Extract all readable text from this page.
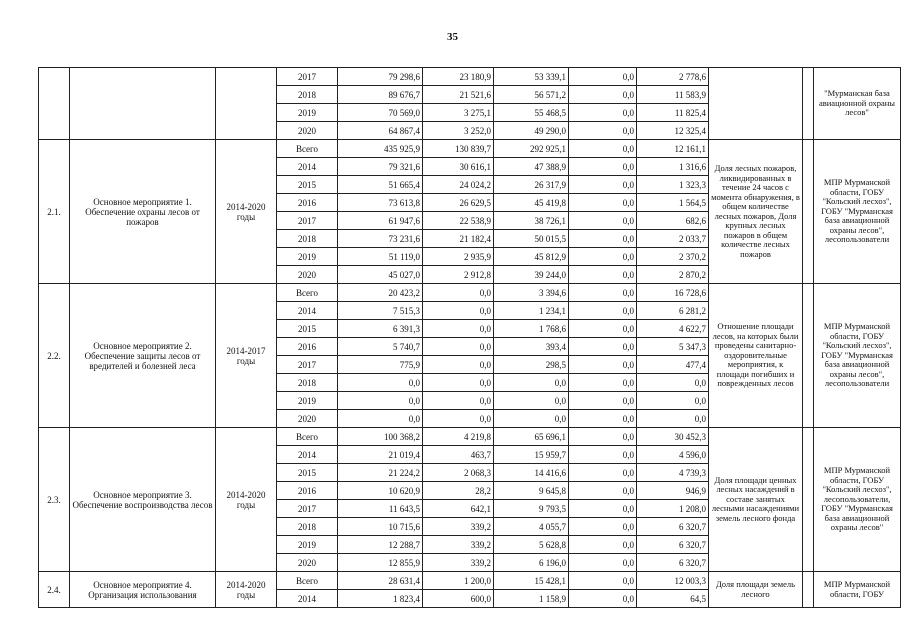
35
			2017	79 298,6	23 180,9	53 339,1	0,0	2 778,6			"Мурманская база авиационной охраны лесов"
			2018	89 676,7	21 521,6	56 571,2	0,0	11 583,9			
			2019	70 569,0	3 275,1	55 468,5	0,0	11 825,4			
			2020	64 867,4	3 252,0	49 290,0	0,0	12 325,4			
2.1.	Основное мероприятие 1. Обеспечение охраны лесов от пожаров	2014-2020 годы	Всего	435 925,9	130 839,7	292 925,1	0,0	12 161,1	Доля лесных пожаров, ликвидированных в течение 24 часов с момента обнаружения, в общем количестве лесных пожаров, Доля крупных лесных пожаров в общем количестве лесных пожаров		МПР Мурманской области, ГОБУ "Кольский лесхоз", ГОБУ "Мурманская база авиационной охраны лесов", лесопользователи
			2014	79 321,6	30 616,1	47 388,9	0,0	1 316,6			
			2015	51 665,4	24 024,2	26 317,9	0,0	1 323,3			
			2016	73 613,8	26 629,5	45 419,8	0,0	1 564,5			
			2017	61 947,6	22 538,9	38 726,1	0,0	682,6			
			2018	73 231,6	21 182,4	50 015,5	0,0	2 033,7			
			2019	51 119,0	2 935,9	45 812,9	0,0	2 370,2			
			2020	45 027,0	2 912,8	39 244,0	0,0	2 870,2			
2.2.	Основное мероприятие 2. Обеспечение защиты лесов от вредителей и болезней леса	2014-2017 годы	Всего	20 423,2	0,0	3 394,6	0,0	16 728,6	Отношение площади лесов, на которых были проведены санитарно-оздоровительные мероприятия, к площади погибших и поврежденных лесов		МПР Мурманской области, ГОБУ "Кольский лесхоз", ГОБУ "Мурманская база авиационной охраны лесов", лесопользователи
			2014	7 515,3	0,0	1 234,1	0,0	6 281,2			
			2015	6 391,3	0,0	1 768,6	0,0	4 622,7			
			2016	5 740,7	0,0	393,4	0,0	5 347,3			
			2017	775,9	0,0	298,5	0,0	477,4			
			2018	0,0	0,0	0,0	0,0	0,0			
			2019	0,0	0,0	0,0	0,0	0,0			
			2020	0,0	0,0	0,0	0,0	0,0			
2.3.	Основное мероприятие 3. Обеспечение воспроизводства лесов	2014-2020 годы	Всего	100 368,2	4 219,8	65 696,1	0,0	30 452,3	Доля площади ценных лесных насаждений в составе занятых лесными насаждениями земель лесного фонда		МПР Мурманской области, ГОБУ "Кольский лесхоз", лесопользователи, ГОБУ "Мурманская база авиационной охраны лесов"
			2014	21 019,4	463,7	15 959,7	0,0	4 596,0			
			2015	21 224,2	2 068,3	14 416,6	0,0	4 739,3			
			2016	10 620,9	28,2	9 645,8	0,0	946,9			
			2017	11 643,5	642,1	9 793,5	0,0	1 208,0			
			2018	10 715,6	339,2	4 055,7	0,0	6 320,7			
			2019	12 288,7	339,2	5 628,8	0,0	6 320,7			
			2020	12 855,9	339,2	6 196,0	0,0	6 320,7			
2.4.	Основное мероприятие 4. Организация использования	2014-2020 годы	Всего	28 631,4	1 200,0	15 428,1	0,0	12 003,3	Доля площади земель лесного		МПР Мурманской области, ГОБУ
			2014	1 823,4	600,0	1 158,9	0,0	64,5			
